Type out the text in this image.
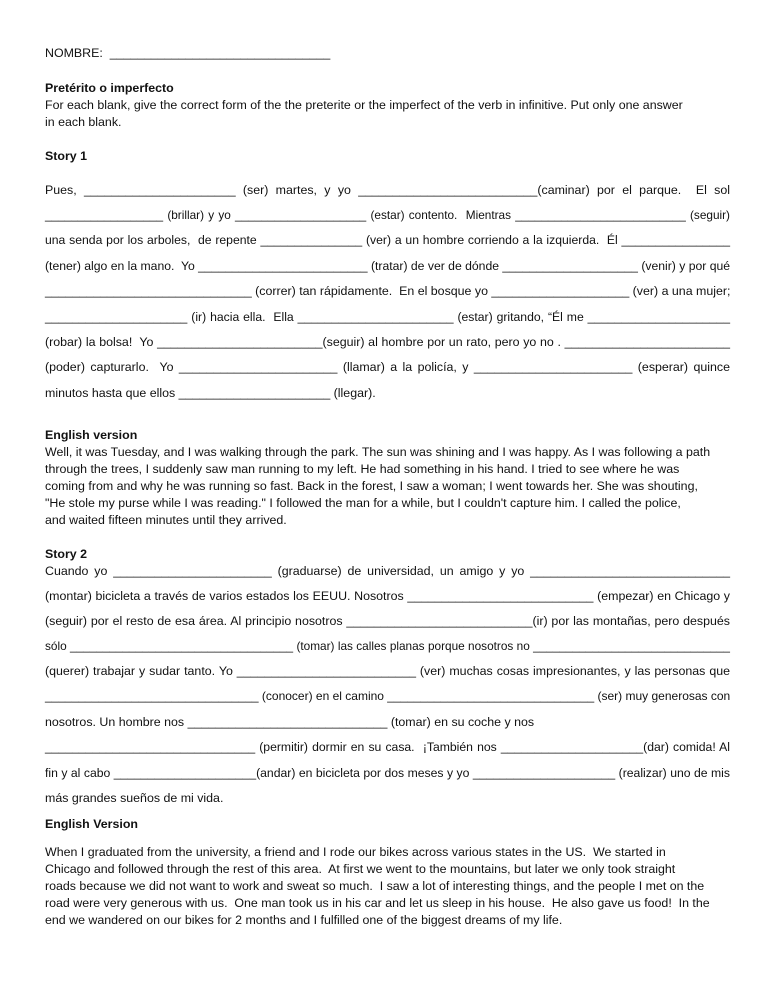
NOMBRE:  ________________________________
Pretérito o imperfecto
For each blank, give the correct form of the the preterite or the imperfect of the verb in infinitive. Put only one answer
in each blank.
Story 1
Pues, ______________________ (ser) martes, y yo __________________________(caminar) por el parque.  El sol
__________________ (brillar) y yo ____________________ (estar) contento.  Mientras __________________________ (seguir)
una senda por los arboles,  de repente _______________ (ver) a un hombre corriendo a la izquierda.  Él ________________
(tener) algo en la mano.  Yo _________________________ (tratar) de ver de dónde ____________________ (venir) y por qué
______________________________ (correr) tan rápidamente.  En el bosque yo ____________________ (ver) a una mujer;
_____________________ (ir) hacia ella.  Ella _______________________ (estar) gritando, “Él me _____________________
(robar) la bolsa!  Yo ________________________(seguir) al hombre por un rato, pero yo no . ________________________
(poder) capturarlo.  Yo _______________________ (llamar) a la policía, y _______________________ (esperar) quince
minutos hasta que ellos ______________________ (llegar).
English version
Well, it was Tuesday, and I was walking through the park. The sun was shining and I was happy. As I was following a path
through the trees, I suddenly saw man running to my left. He had something in his hand. I tried to see where he was
coming from and why he was running so fast. Back in the forest, I saw a woman; I went towards her. She was shouting,
"He stole my purse while I was reading." I followed the man for a while, but I couldn't capture him. I called the police,
and waited fifteen minutes until they arrived.
Story 2
Cuando yo _______________________ (graduarse) de universidad, un amigo y yo _____________________________
(montar) bicicleta a través de varios estados los EEUU. Nosotros ___________________________ (empezar) en Chicago y
(seguir) por el resto de esa área. Al principio nosotros ___________________________(ir) por las montañas, pero después
sólo __________________________________ (tomar) las calles planas porque nosotros no ______________________________
(querer) trabajar y sudar tanto. Yo __________________________ (ver) muchas cosas impresionantes, y las personas que
________________________________ (conocer) en el camino _______________________________ (ser) muy generosas con
nosotros. Un hombre nos _____________________________ (tomar) en su coche y nos
_______________________________ (permitir) dormir en su casa.  ¡También nos _____________________(dar) comida! Al
fin y al cabo _____________________(andar) en bicicleta por dos meses y yo _____________________ (realizar) uno de mis
más grandes sueños de mi vida.
English Version
When I graduated from the university, a friend and I rode our bikes across various states in the US.  We started in
Chicago and followed through the rest of this area.  At first we went to the mountains, but later we only took straight
roads because we did not want to work and sweat so much.  I saw a lot of interesting things, and the people I met on the
road were very generous with us.  One man took us in his car and let us sleep in his house.  He also gave us food!  In the
end we wandered on our bikes for 2 months and I fulfilled one of the biggest dreams of my life.
